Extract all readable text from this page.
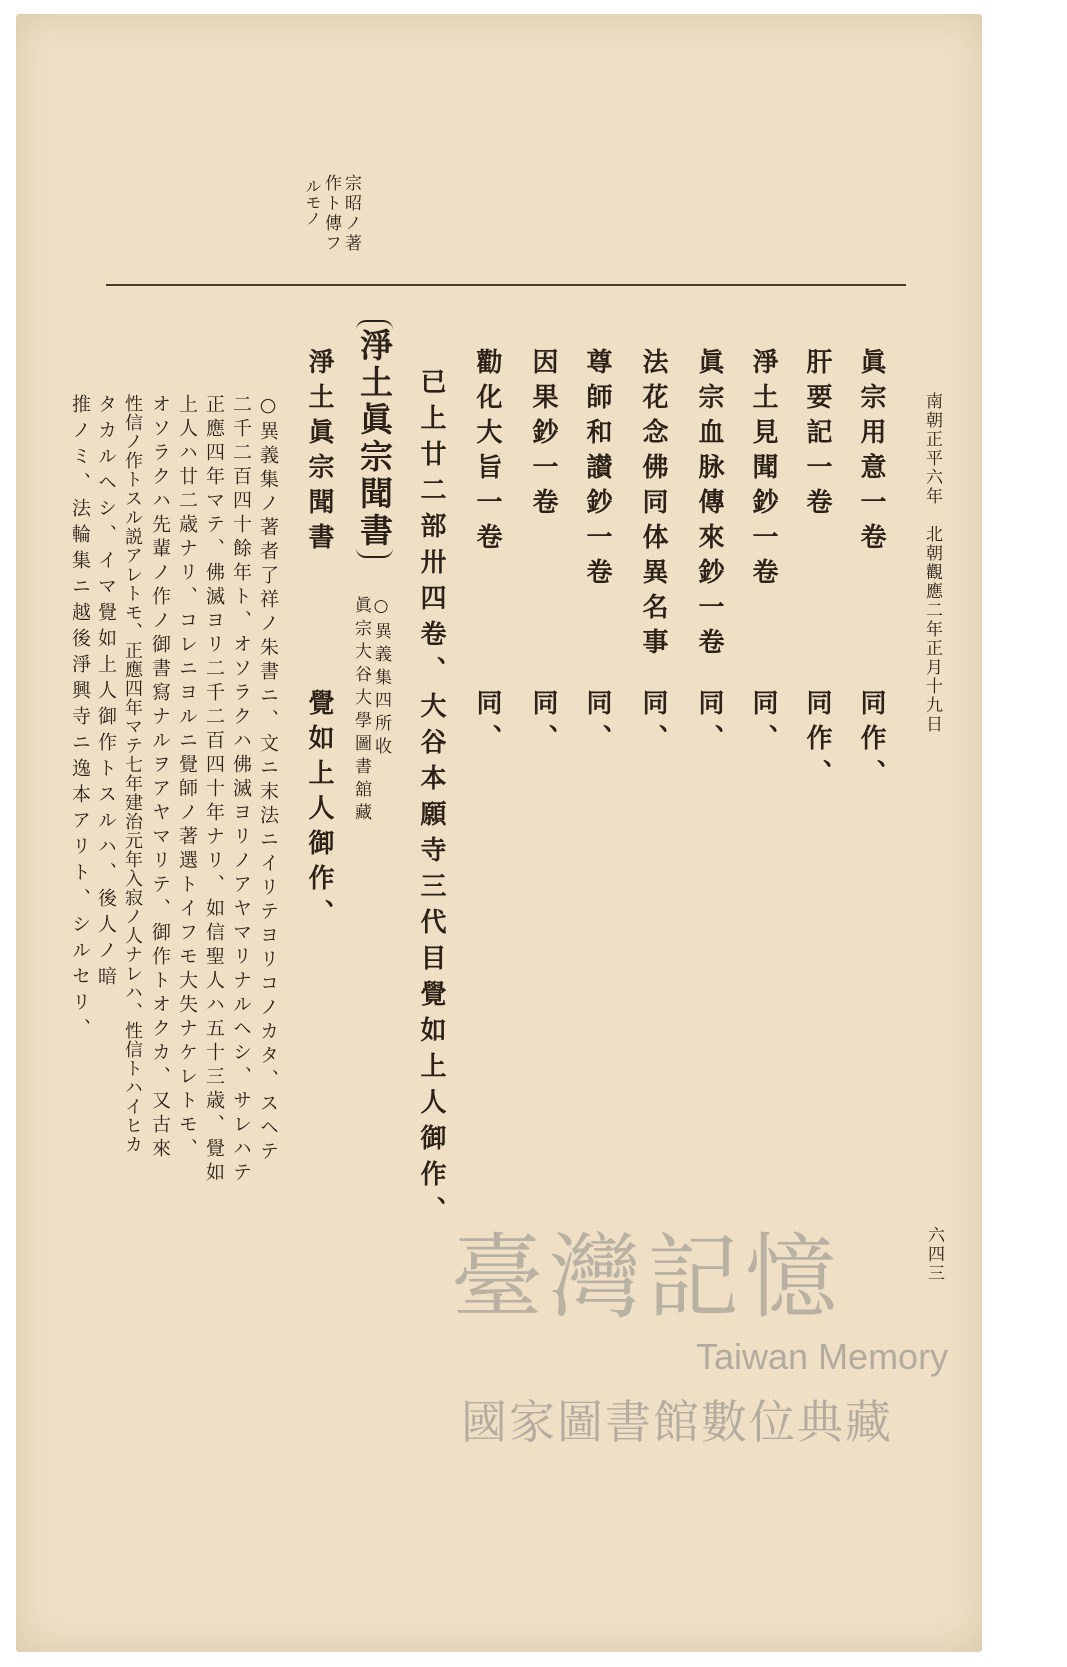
南朝正平六年　北朝觀應二年正月十九日
六四三
宗昭ノ著
作ト傳フ
ルモノ
眞宗用意一卷
同作、
肝要記一卷
同作、
淨土見聞鈔一卷
同、
眞宗血脉傳來鈔一卷
同、
法花念佛同体異名事
同、
尊師和讃鈔一卷
同、
因果鈔一卷
同、
勸化大旨一卷
同、
已上廿二部卅四卷、大谷本願寺三代目覺如上人御作、
淨土眞宗聞書
○異義集四所收
眞宗大谷大學圖書舘藏
淨土眞宗聞書
覺如上人御作、
○異義集ノ著者了祥ノ朱書ニ、文ニ末法ニイリテヨリコノカタ、スヘテ
二千二百四十餘年ト、オソラクハ佛滅ヨリノアヤマリナルヘシ、サレハテ
正應四年マテ、佛滅ヨリ二千二百四十年ナリ、如信聖人ハ五十三歳、覺如
上人ハ廿二歳ナリ、コレニヨルニ覺師ノ著選トイフモ大失ナケレトモ、
オソラクハ先輩ノ作ノ御書寫ナルヲアヤマリテ、御作トオクカ、又古來
性信ノ作トスル説アレトモ、正應四年マテ七年建治元年入寂ノ人ナレハ、性信トハイヒカ
タカルヘシ、イマ覺如上人御作トスルハ、後人ノ暗
推ノミ、法輪集ニ越後淨興寺ニ逸本アリト、シルセリ、
臺灣記憶
Taiwan Memory
國家圖書館數位典藏
